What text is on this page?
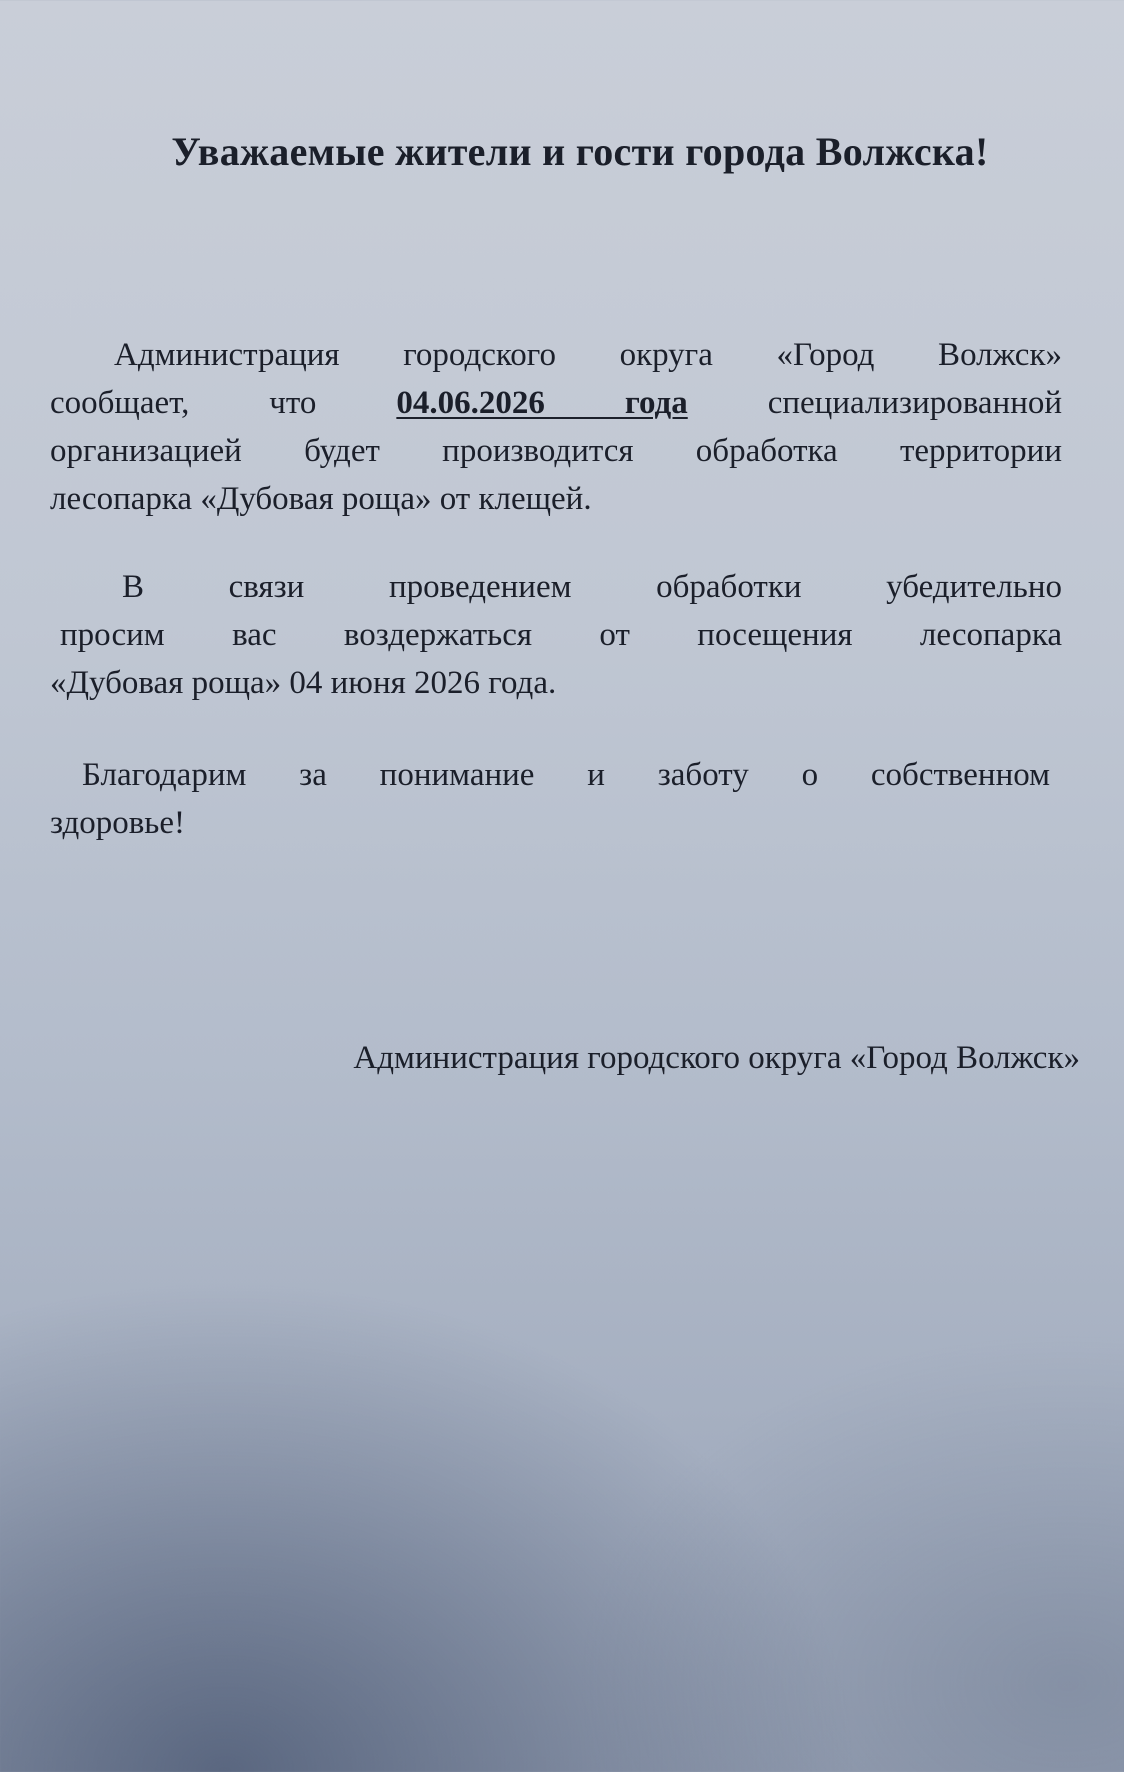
Уважаемые жители и гости города Волжска!
Администрация городского округа «Город Волжск»
сообщает, что 04.06.2026 года специализированной
организацией будет производится обработка территории
лесопарка «Дубовая роща» от клещей.
В связи проведением обработки убедительно
просим вас воздержаться от посещения лесопарка
«Дубовая роща» 04 июня 2026 года.
Благодарим за понимание и заботу о собственном
здоровье!
Администрация городского округа «Город Волжск»
